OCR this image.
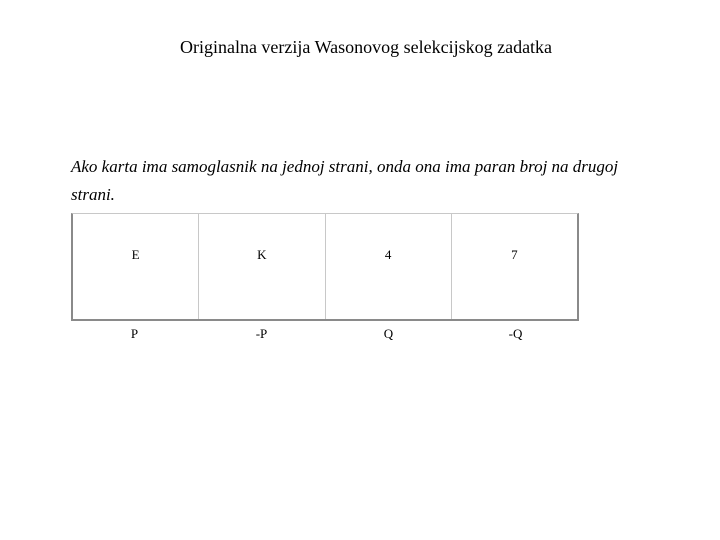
Originalna verzija Wasonovog selekcijskog zadatka
Ako karta ima samoglasnik na jednoj strani, onda ona ima paran broj na drugoj strani.
E	K	4	7
P	-P	Q	-Q
